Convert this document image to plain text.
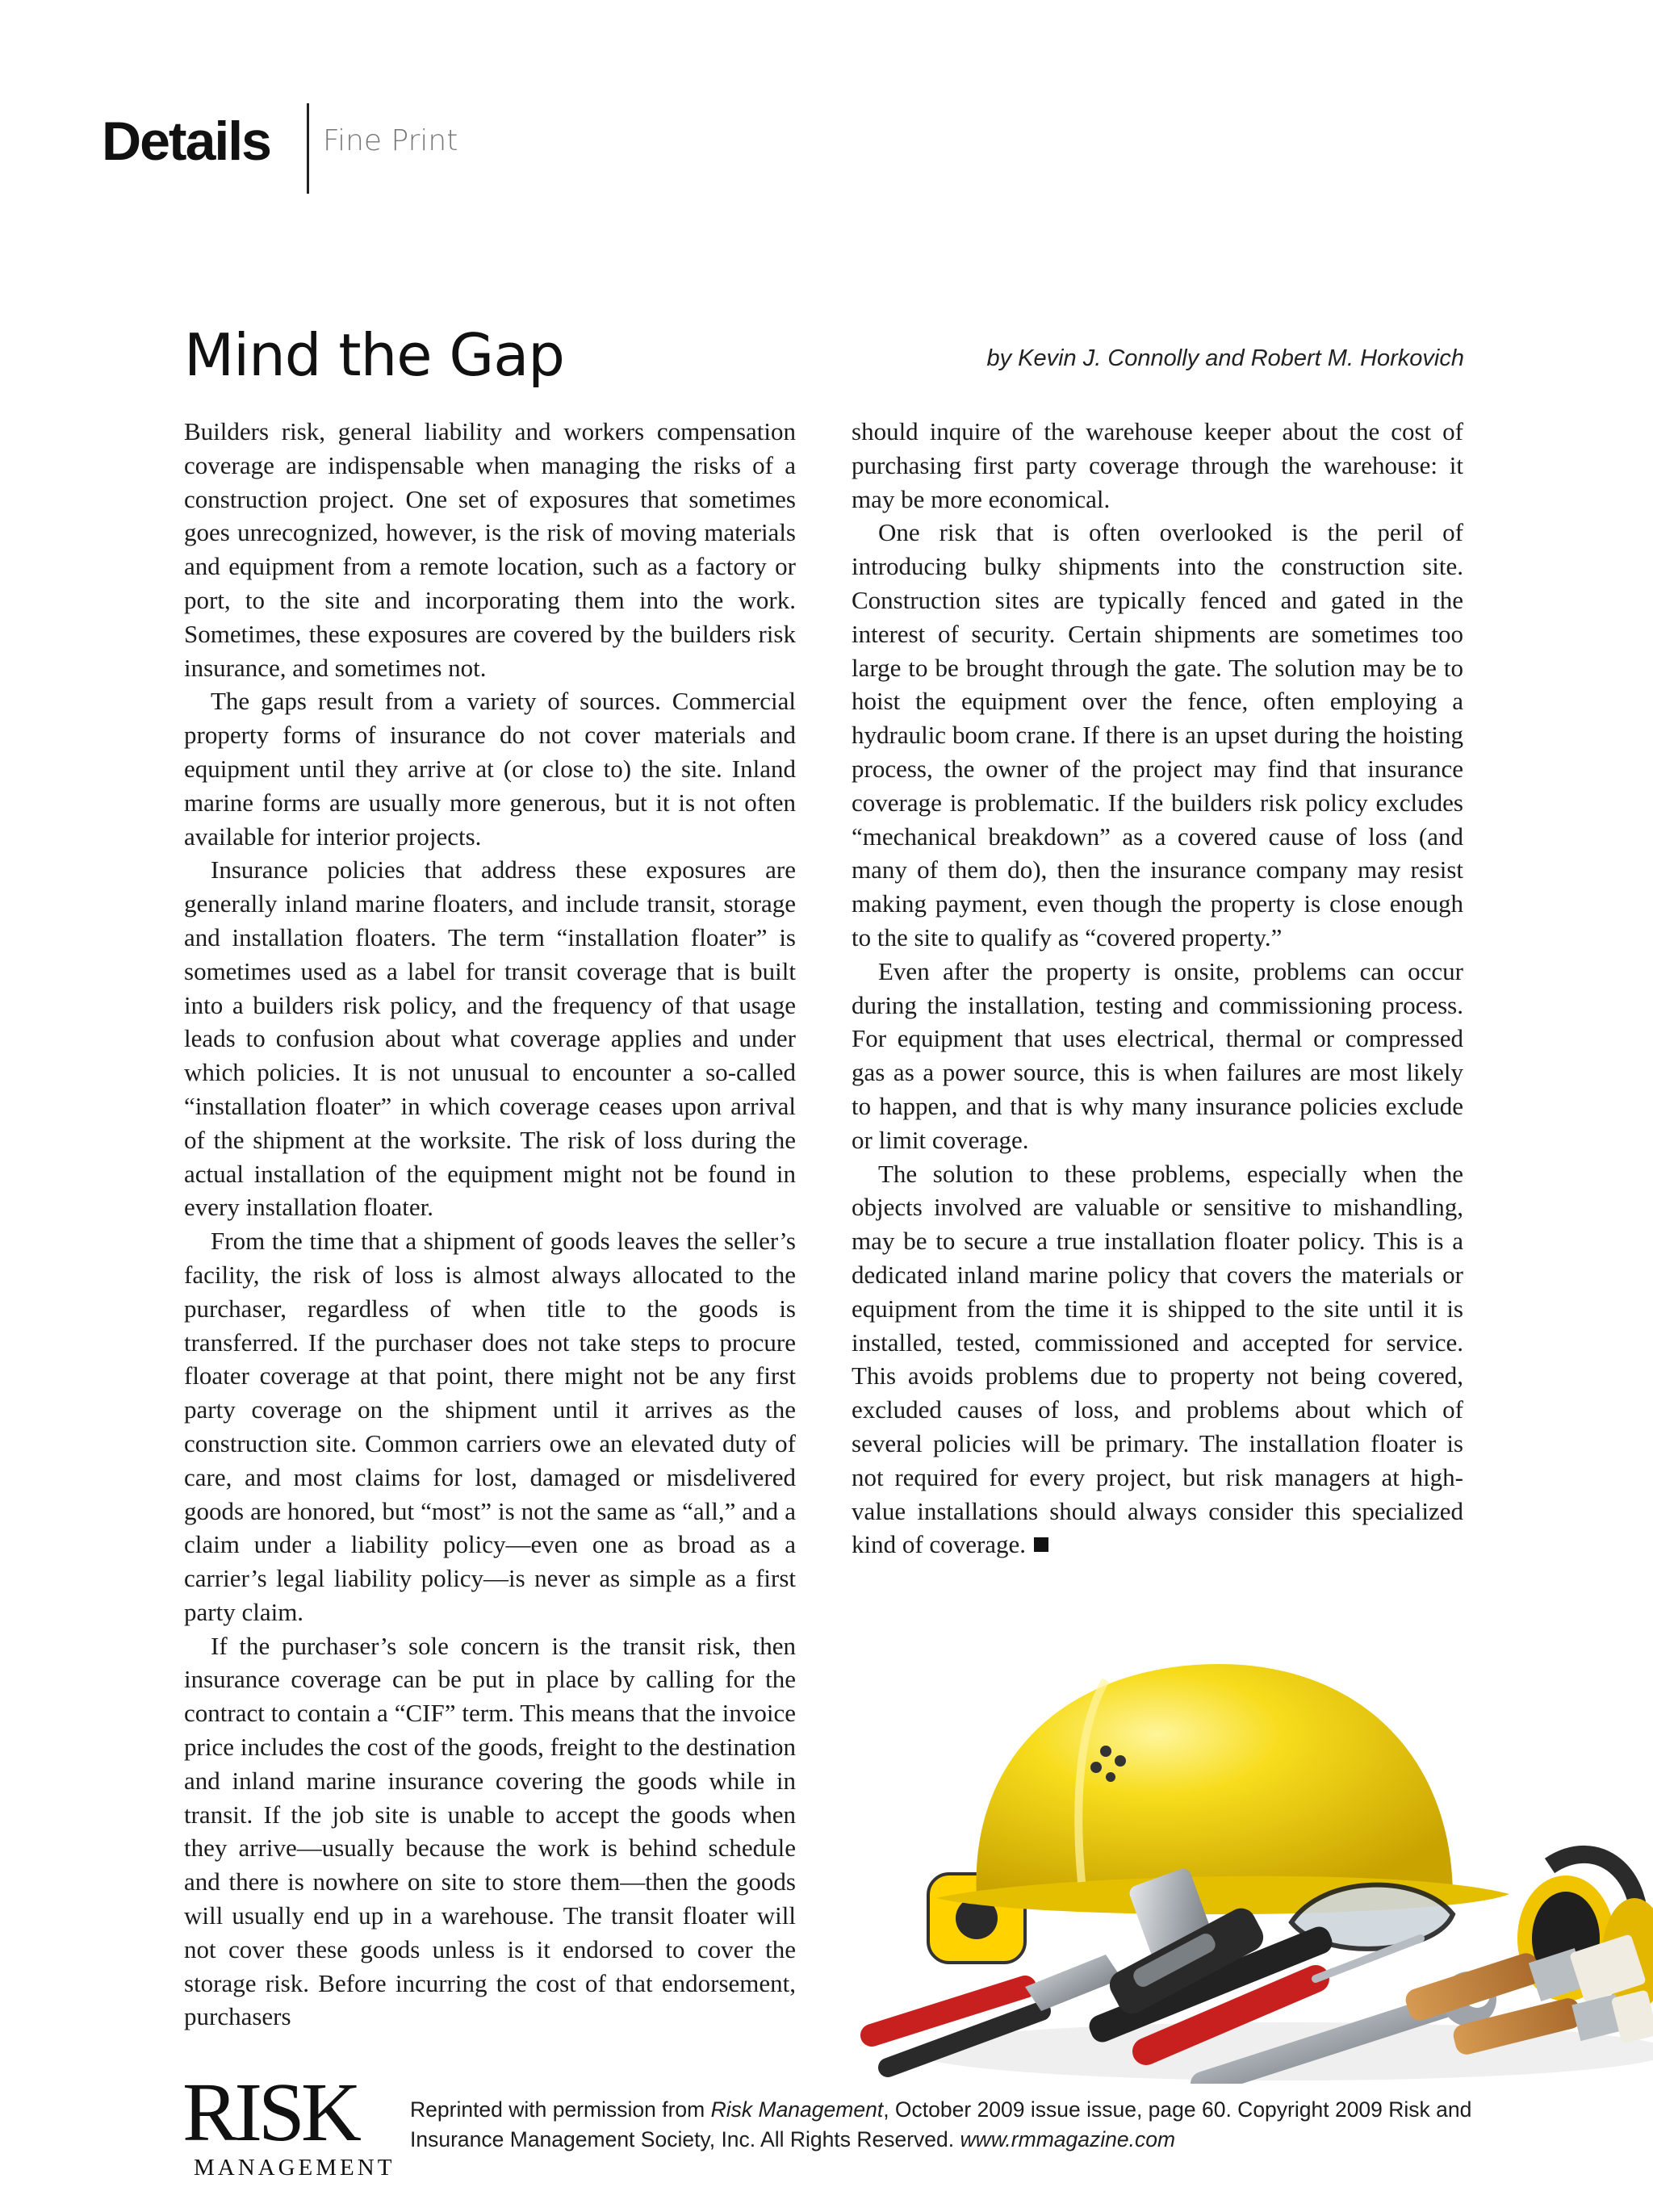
Details Fine Print
Mind the Gap	by Kevin J. Connolly and Robert M. Horkovich

Builders risk, general liability and workers compensation coverage are indispensable when managing the risks of a construction project. One set of exposures that sometimes goes unrecognized, however, is the risk of moving materials and equipment from a remote location, such as a factory or port, to the site and incorporating them into the work. Sometimes, these exposures are covered by the builders risk insurance, and sometimes not.

The gaps result from a variety of sources. Commercial property forms of insurance do not cover materials and equipment until they arrive at (or close to) the site. Inland marine forms are usually more generous, but it is not often available for interior projects.

Insurance policies that address these exposures are generally inland marine floaters, and include transit, storage and installation floaters. The term “installation floater” is sometimes used as a label for transit coverage that is built into a builders risk policy, and the frequency of that usage leads to confusion about what coverage applies and under which policies. It is not unusual to encounter a so-called “installation floater” in which coverage ceases upon arrival of the shipment at the worksite. The risk of loss during the actual installation of the equipment might not be found in every installation floater.

From the time that a shipment of goods leaves the seller’s facility, the risk of loss is almost always allocated to the purchaser, regardless of when title to the goods is transferred. If the purchaser does not take steps to procure floater coverage at that point, there might not be any first party coverage on the shipment until it arrives as the construction site. Common carriers owe an elevated duty of care, and most claims for lost, damaged or misdelivered goods are honored, but “most” is not the same as “all,” and a claim under a liability policy—even one as broad as a carrier’s legal liability policy—is never as simple as a first party claim.

If the purchaser’s sole concern is the transit risk, then insurance coverage can be put in place by calling for the contract to contain a “CIF” term. This means that the invoice price includes the cost of the goods, freight to the destination and inland marine insurance covering the goods while in transit. If the job site is unable to accept the goods when they arrive—usually because the work is behind schedule and there is nowhere on site to store them—then the goods will usually end up in a warehouse. The transit floater will not cover these goods unless is it endorsed to cover the storage risk. Before incurring the cost of that endorsement, purchasers

should inquire of the warehouse keeper about the cost of purchasing first party coverage through the warehouse: it may be more economical.

One risk that is often overlooked is the peril of introducing bulky shipments into the construction site. Construction sites are typically fenced and gated in the interest of security. Certain shipments are sometimes too large to be brought through the gate. The solution may be to hoist the equipment over the fence, often employing a hydraulic boom crane. If there is an upset during the hoisting process, the owner of the project may find that insurance coverage is problematic. If the builders risk policy excludes “mechanical breakdown” as a covered cause of loss (and many of them do), then the insurance company may resist making payment, even though the property is close enough to the site to qualify as “covered property.”

Even after the property is onsite, problems can occur during the installation, testing and commissioning process. For equipment that uses electrical, thermal or compressed gas as a power source, this is when failures are most likely to happen, and that is why many insurance policies exclude or limit coverage.

The solution to these problems, especially when the objects involved are valuable or sensitive to mishandling, may be to secure a true installation floater policy. This is a dedicated inland marine policy that covers the materials or equipment from the time it is shipped to the site until it is installed, tested, commissioned and accepted for service. This avoids problems due to property not being covered, excluded causes of loss, and problems about which of several policies will be primary. The installation floater is not required for every project, but risk managers at high-value installations should always consider this specialized kind of coverage.

RISK
MANAGEMENT
Reprinted with permission from Risk Management, October 2009 issue issue, page 60. Copyright 2009 Risk and Insurance Management Society, Inc. All Rights Reserved. www.rmmagazine.com
